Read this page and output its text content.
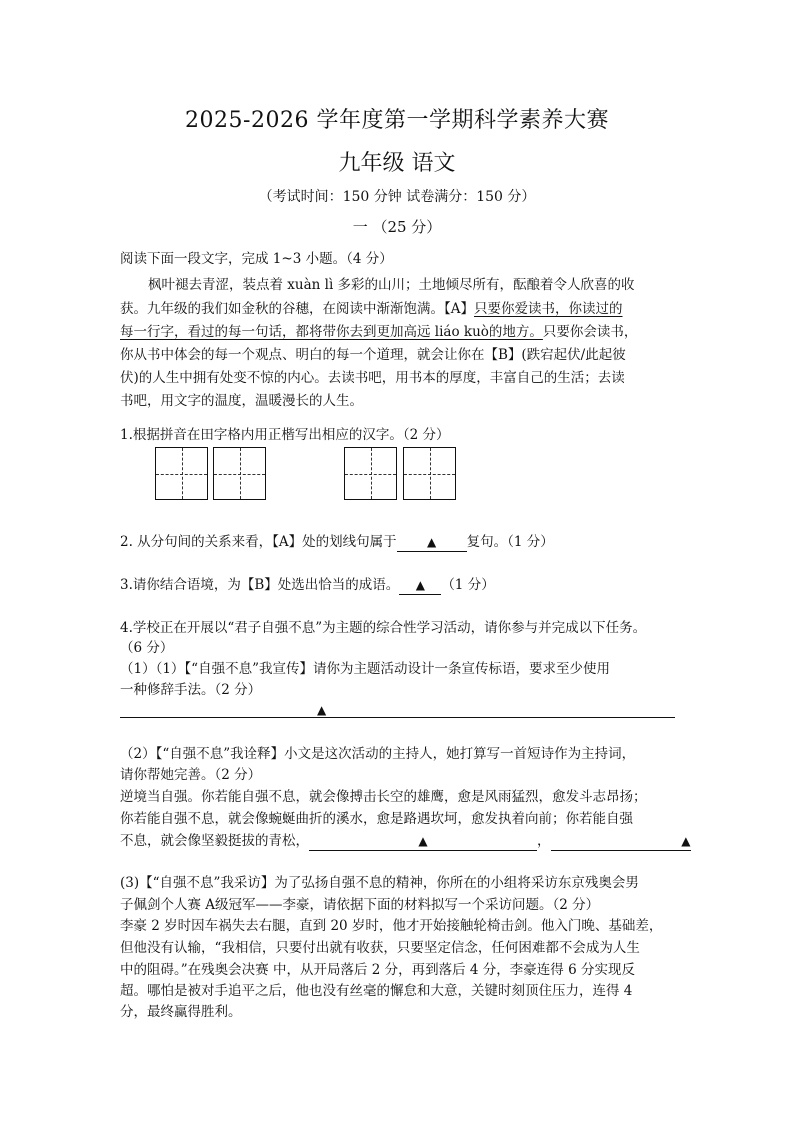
2025-2026 学年度第一学期科学素养大赛
九年级 语文
（考试时间：150 分钟 试卷满分：150 分）
一 （25 分）
阅读下面一段文字，完成 1~3 小题。（4 分）
枫叶褪去青涩，装点着 xuàn lì 多彩的山川；土地倾尽所有，酝酿着令人欣喜的收
获。九年级的我们如金秋的谷穗，在阅读中渐渐饱满。【A】只要你爱读书，你读过的
每一行字，看过的每一句话，都将带你去到更加高远 liáo kuò的地方。只要你会读书，
你从书中体会的每一个观点、明白的每一个道理，就会让你在【B】(跌宕起伏/此起彼
伏)的人生中拥有处变不惊的内心。去读书吧，用书本的厚度，丰富自己的生活；去读
书吧，用文字的温度，温暖漫长的人生。
1.根据拼音在田字格内用正楷写出相应的汉字。（2 分）
2. 从分句间的关系来看，【A】处的划线句属于	▲ 复句。（1 分）
3.请你结合语境，为【B】处选出恰当的成语。 ▲ （1 分）
4.学校正在开展以“君子自强不息”为主题的综合性学习活动，请你参与并完成以下任务。
（6 分）
（1）（1）【“自强不息”我宣传】请你为主题活动设计一条宣传标语，要求至少使用
一种修辞手法。（2 分）
▲
（2）【“自强不息”我诠释】小文是这次活动的主持人，她打算写一首短诗作为主持词，
请你帮她完善。（2 分）
逆境当自强。你若能自强不息，就会像搏击长空的雄鹰，愈是风雨猛烈，愈发斗志昂扬；
你若能自强不息，就会像蜿蜒曲折的溪水，愈是路遇坎坷，愈发执着向前；你若能自强
不息，就会像坚毅挺拔的青松，	▲	，	▲
(3)【“自强不息”我采访】为了弘扬自强不息的精神，你所在的小组将采访东京残奥会男
子佩剑个人赛 A级冠军——李豪，请依据下面的材料拟写一个采访问题。（2 分）
李豪 2 岁时因车祸失去右腿，直到 20 岁时，他才开始接触轮椅击剑。他入门晚、基础差，
但他没有认输，“我相信，只要付出就有收获，只要坚定信念，任何困难都不会成为人生
中的阻碍。”在残奥会决赛 中，从开局落后 2 分，再到落后 4 分，李豪连得 6 分实现反
超。哪怕是被对手追平之后，他也没有丝毫的懈怠和大意，关键时刻顶住压力，连得 4
分，最终赢得胜利。
